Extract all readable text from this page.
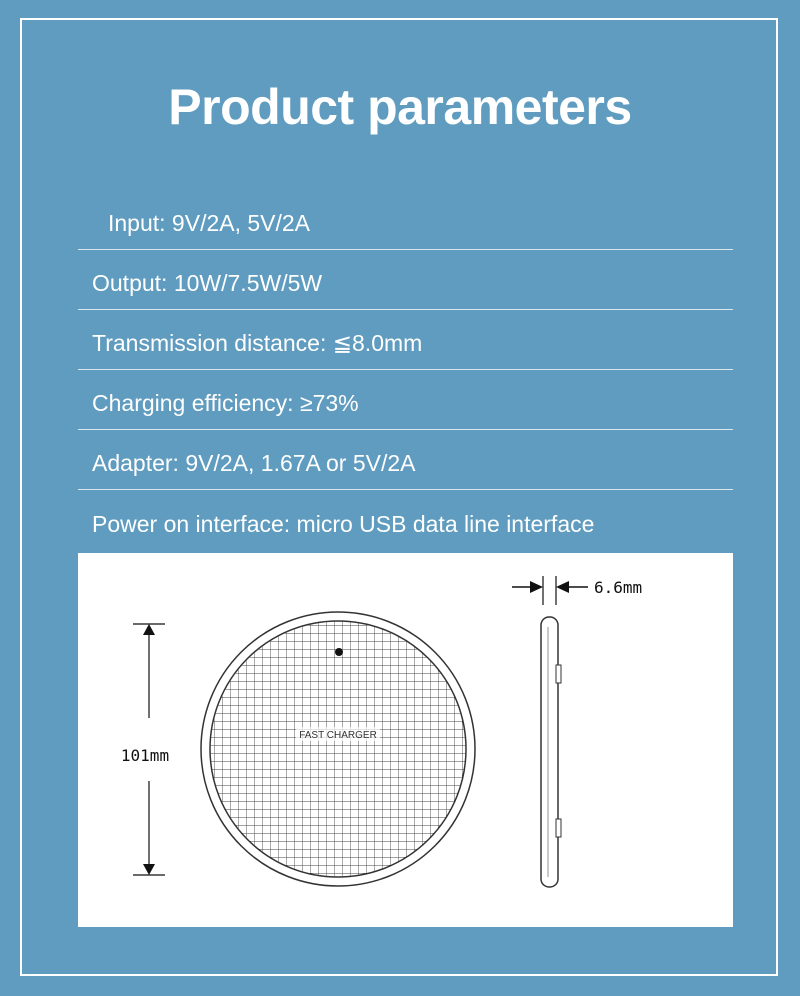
Product parameters
Input: 9V/2A, 5V/2A
Output: 10W/7.5W/5W
Transmission distance: ≦8.0mm
Charging efficiency: ≥73%
Adapter: 9V/2A, 1.67A or 5V/2A
Power on interface: micro USB data line interface
101mm
FAST CHARGER
6.6mm
